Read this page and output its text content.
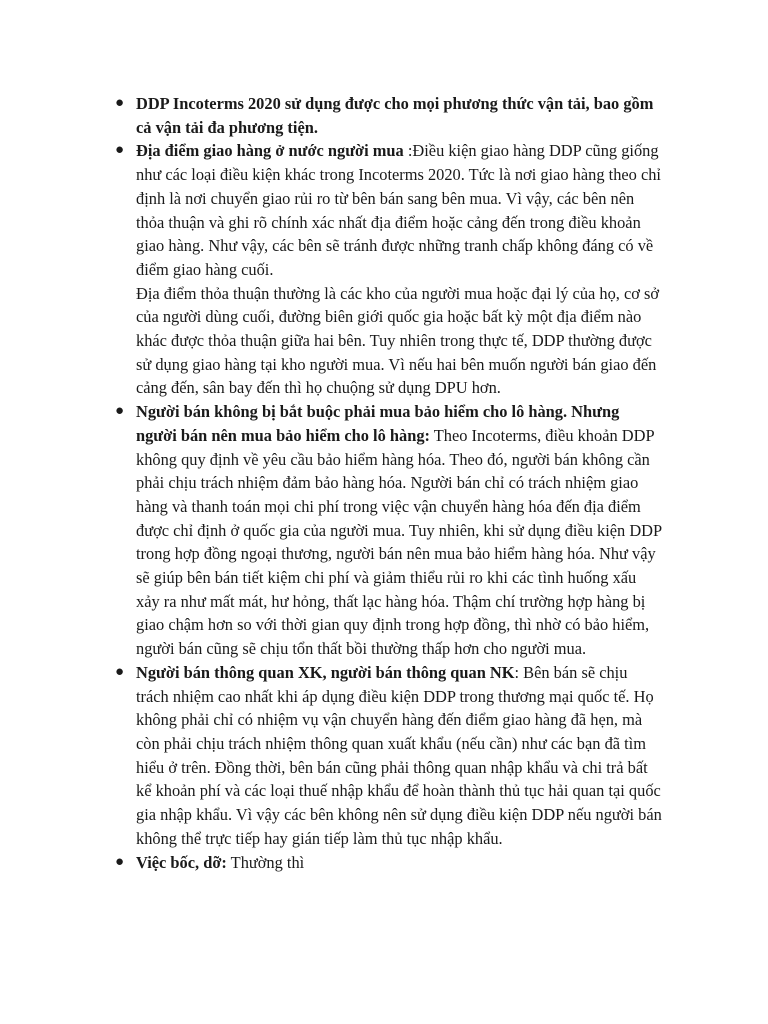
● DDP Incoterms 2020 sử dụng được cho mọi phương thức vận tải, bao gồm cả vận tải đa phương tiện.
● Địa điểm giao hàng ở nước người mua :Điều kiện giao hàng DDP cũng giống như các loại điều kiện khác trong Incoterms 2020. Tức là nơi giao hàng theo chỉ định là nơi chuyển giao rủi ro từ bên bán sang bên mua. Vì vậy, các bên nên thỏa thuận và ghi rõ chính xác nhất địa điểm hoặc cảng đến trong điều khoản giao hàng. Như vậy, các bên sẽ tránh được những tranh chấp không đáng có về điểm giao hàng cuối.
Địa điểm thỏa thuận thường là các kho của người mua hoặc đại lý của họ, cơ sở của người dùng cuối, đường biên giới quốc gia hoặc bất kỳ một địa điểm nào khác được thỏa thuận giữa hai bên. Tuy nhiên trong thực tế, DDP thường được sử dụng giao hàng tại kho người mua. Vì nếu hai bên muốn người bán giao đến cảng đến, sân bay đến thì họ chuộng sử dụng DPU hơn.
● Người bán không bị bắt buộc phải mua bảo hiểm cho lô hàng. Nhưng người bán nên mua bảo hiểm cho lô hàng: Theo Incoterms, điều khoản DDP không quy định về yêu cầu bảo hiểm hàng hóa. Theo đó, người bán không cần phải chịu trách nhiệm đảm bảo hàng hóa. Người bán chỉ có trách nhiệm giao hàng và thanh toán mọi chi phí trong việc vận chuyển hàng hóa đến địa điểm được chỉ định ở quốc gia của người mua. Tuy nhiên, khi sử dụng điều kiện DDP trong hợp đồng ngoại thương, người bán nên mua bảo hiểm hàng hóa. Như vậy sẽ giúp bên bán tiết kiệm chi phí và giảm thiểu rủi ro khi các tình huống xấu xảy ra như mất mát, hư hỏng, thất lạc hàng hóa. Thậm chí trường hợp hàng bị giao chậm hơn so với thời gian quy định trong hợp đồng, thì nhờ có bảo hiểm, người bán cũng sẽ chịu tổn thất bồi thường thấp hơn cho người mua.
● Người bán thông quan XK, người bán thông quan NK: Bên bán sẽ chịu trách nhiệm cao nhất khi áp dụng điều kiện DDP trong thương mại quốc tế. Họ không phải chỉ có nhiệm vụ vận chuyển hàng đến điểm giao hàng đã hẹn, mà còn phải chịu trách nhiệm thông quan xuất khẩu (nếu cần) như các bạn đã tìm hiểu ở trên. Đồng thời, bên bán cũng phải thông quan nhập khẩu và chi trả bất kể khoản phí và các loại thuế nhập khẩu để hoàn thành thủ tục hải quan tại quốc gia nhập khẩu. Vì vậy các bên không nên sử dụng điều kiện DDP nếu người bán không thể trực tiếp hay gián tiếp làm thủ tục nhập khẩu.
● Việc bốc, dỡ: Thường thì
